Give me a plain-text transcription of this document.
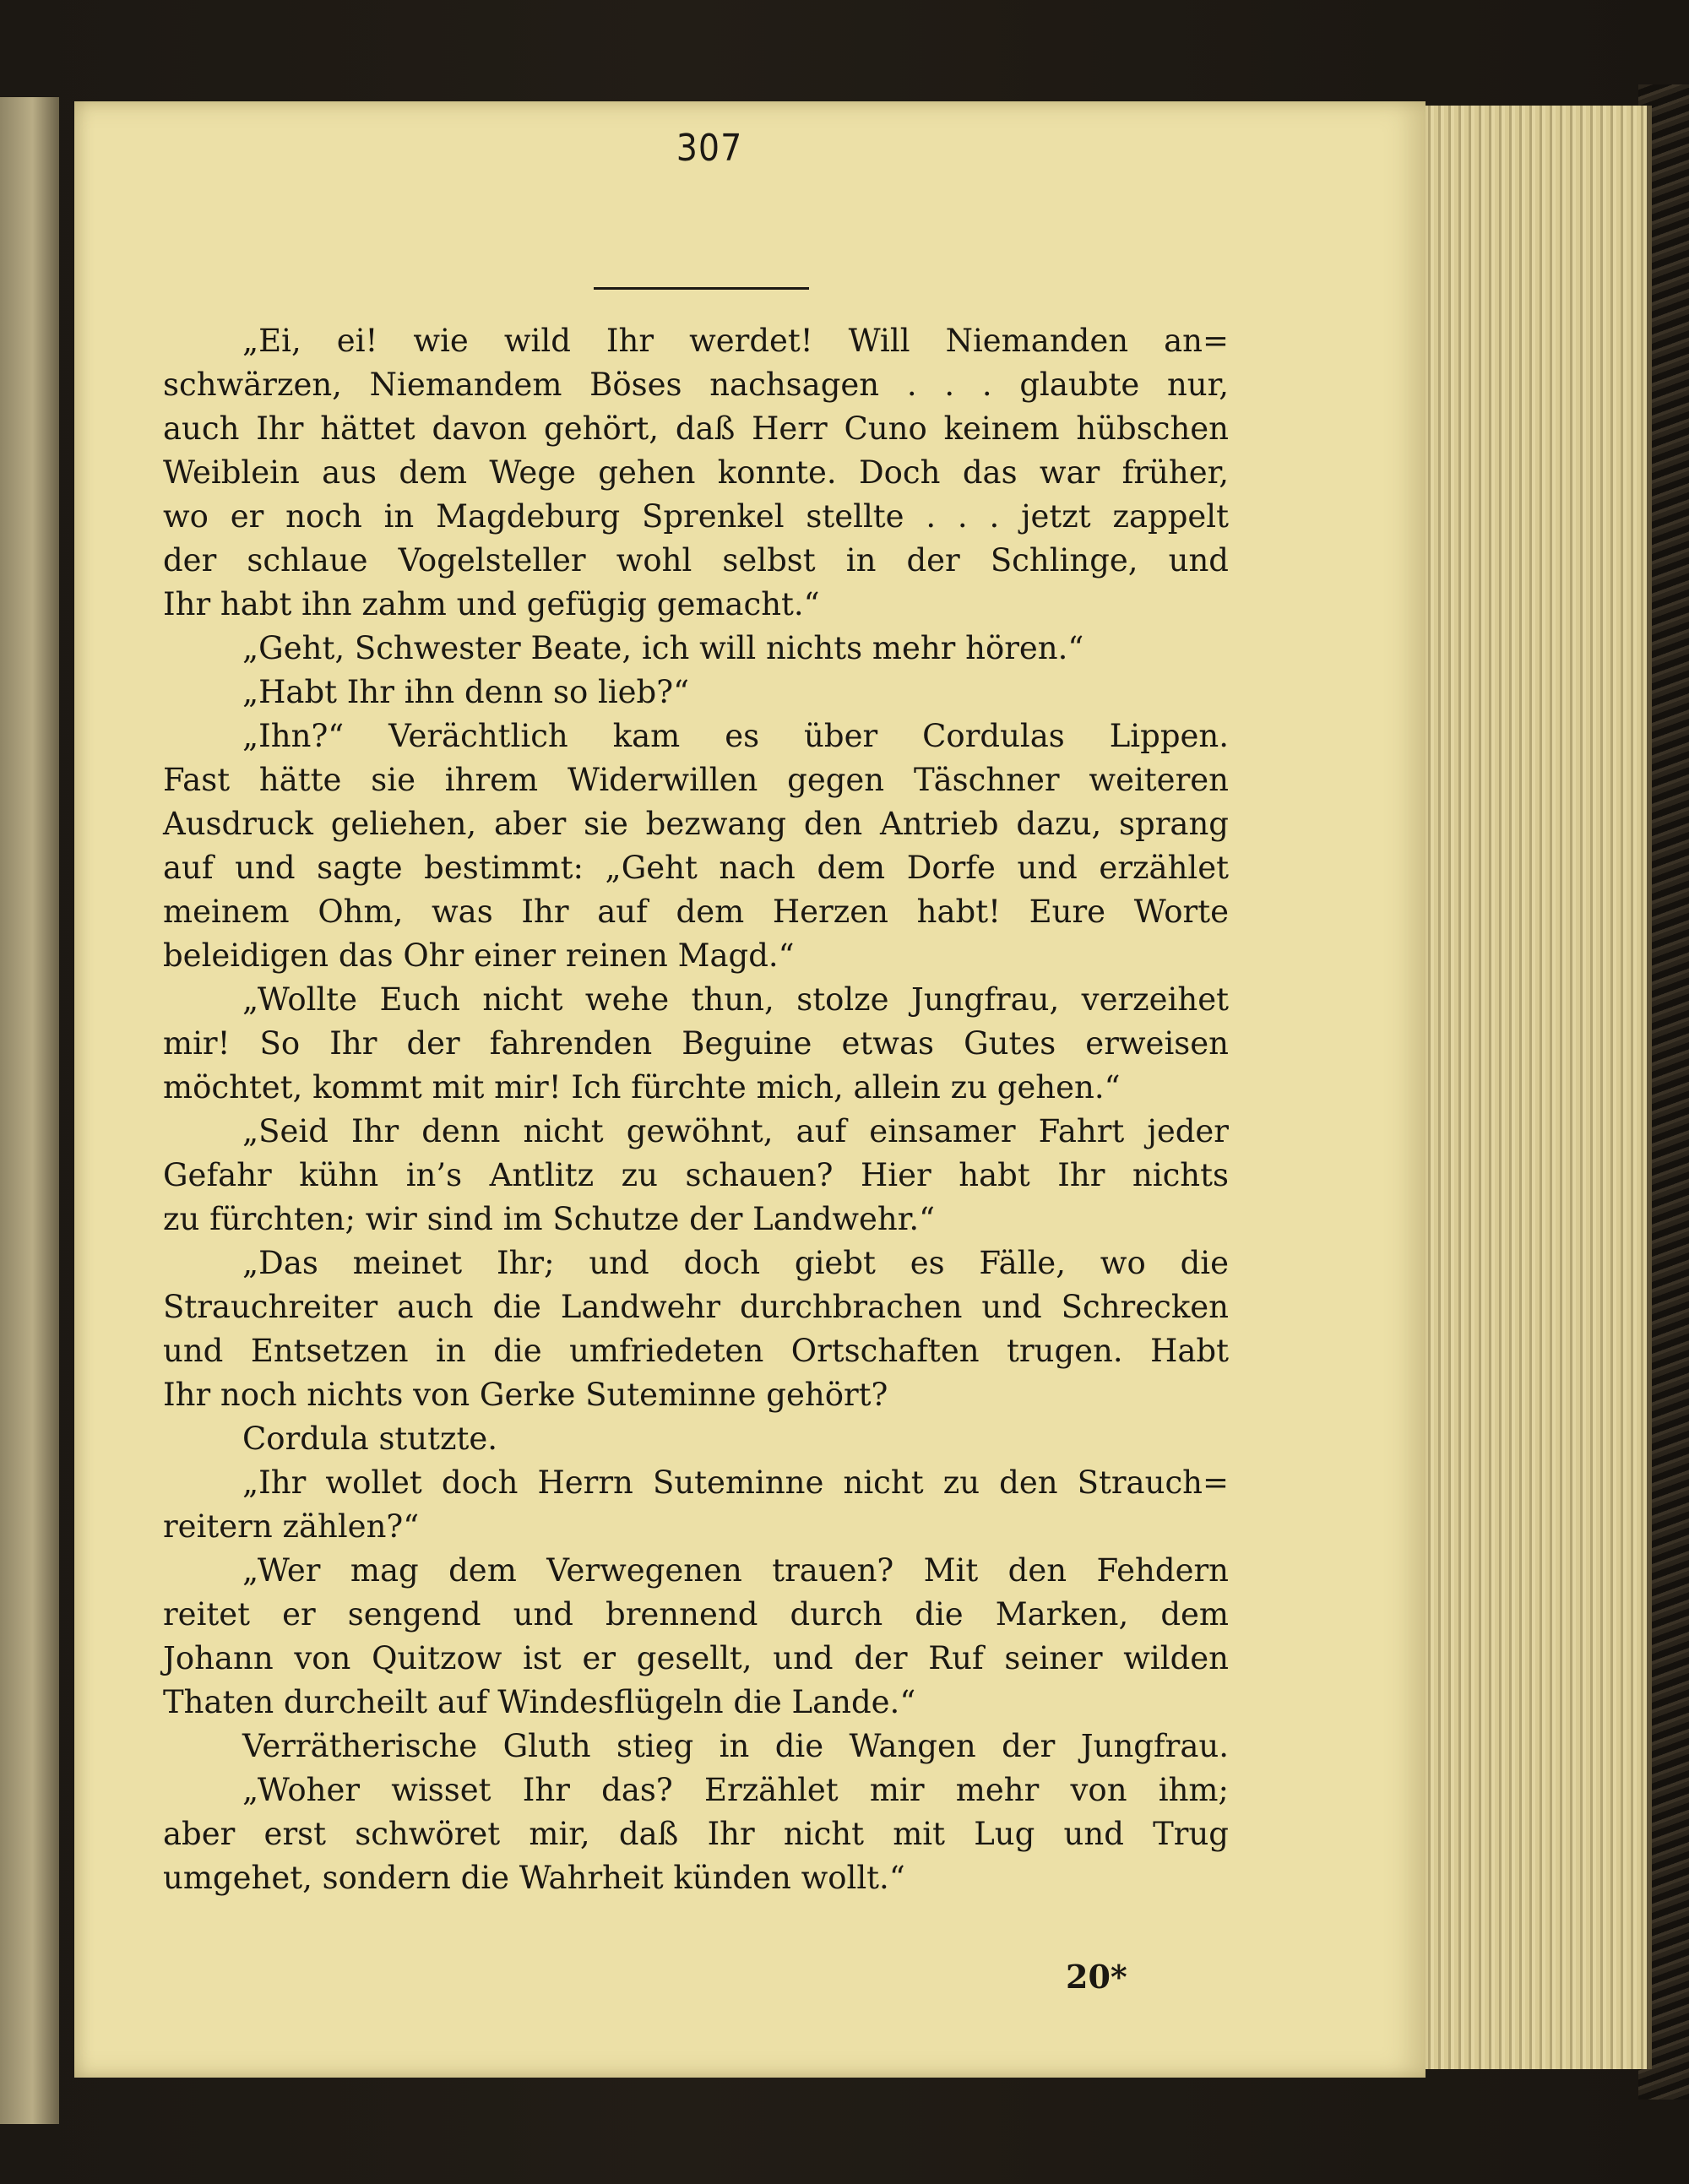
307
„Ei, ei! wie wild Ihr werdet! Will Niemanden an=
schwärzen, Niemandem Böses nachsagen . . . glaubte nur,
auch Ihr hättet davon gehört, daß Herr Cuno keinem hübschen
Weiblein aus dem Wege gehen konnte. Doch das war früher,
wo er noch in Magdeburg Sprenkel stellte . . . jetzt zappelt
der schlaue Vogelsteller wohl selbst in der Schlinge, und
Ihr habt ihn zahm und gefügig gemacht.“
„Geht, Schwester Beate, ich will nichts mehr hören.“
„Habt Ihr ihn denn so lieb?“
„Ihn?“ Verächtlich kam es über Cordulas Lippen.
Fast hätte sie ihrem Widerwillen gegen Täschner weiteren
Ausdruck geliehen, aber sie bezwang den Antrieb dazu, sprang
auf und sagte bestimmt: „Geht nach dem Dorfe und erzählet
meinem Ohm, was Ihr auf dem Herzen habt! Eure Worte
beleidigen das Ohr einer reinen Magd.“
„Wollte Euch nicht wehe thun, stolze Jungfrau, verzeihet
mir! So Ihr der fahrenden Beguine etwas Gutes erweisen
möchtet, kommt mit mir! Ich fürchte mich, allein zu gehen.“
„Seid Ihr denn nicht gewöhnt, auf einsamer Fahrt jeder
Gefahr kühn in’s Antlitz zu schauen? Hier habt Ihr nichts
zu fürchten; wir sind im Schutze der Landwehr.“
„Das meinet Ihr; und doch giebt es Fälle, wo die
Strauchreiter auch die Landwehr durchbrachen und Schrecken
und Entsetzen in die umfriedeten Ortschaften trugen. Habt
Ihr noch nichts von Gerke Suteminne gehört?
Cordula stutzte.
„Ihr wollet doch Herrn Suteminne nicht zu den Strauch=
reitern zählen?“
„Wer mag dem Verwegenen trauen? Mit den Fehdern
reitet er sengend und brennend durch die Marken, dem
Johann von Quitzow ist er gesellt, und der Ruf seiner wilden
Thaten durcheilt auf Windesflügeln die Lande.“
Verrätherische Gluth stieg in die Wangen der Jungfrau.
„Woher wisset Ihr das? Erzählet mir mehr von ihm;
aber erst schwöret mir, daß Ihr nicht mit Lug und Trug
umgehet, sondern die Wahrheit künden wollt.“
20*
